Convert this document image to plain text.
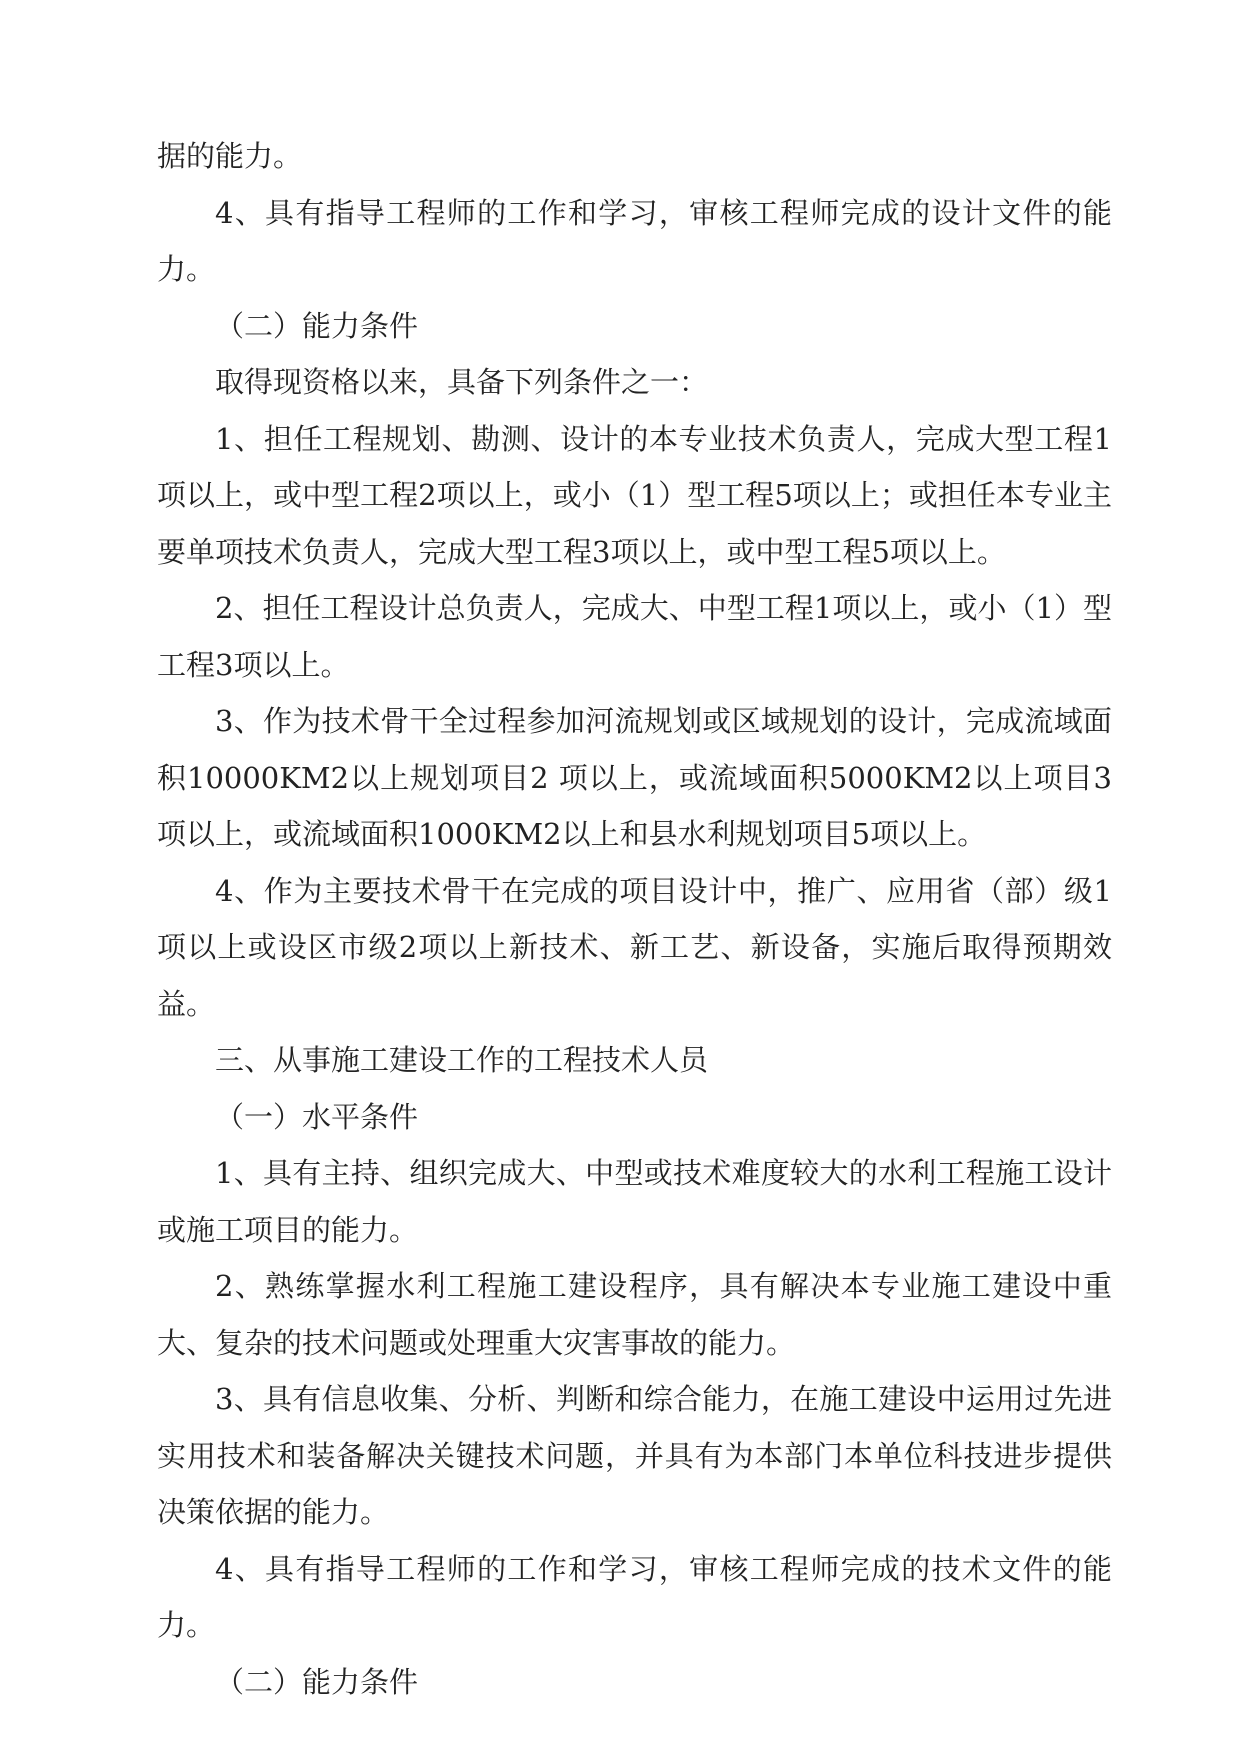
据的能力。

4、具有指导工程师的工作和学习，审核工程师完成的设计文件的能力。

（二）能力条件

取得现资格以来，具备下列条件之一：

1、担任工程规划、勘测、设计的本专业技术负责人，完成大型工程1项以上，或中型工程2项以上，或小（1）型工程5项以上；或担任本专业主要单项技术负责人，完成大型工程3项以上，或中型工程5项以上。

2、担任工程设计总负责人，完成大、中型工程1项以上，或小（1）型工程3项以上。

3、作为技术骨干全过程参加河流规划或区域规划的设计，完成流域面积10000KM2以上规划项目2 项以上，或流域面积5000KM2以上项目3项以上，或流域面积1000KM2以上和县水利规划项目5项以上。

4、作为主要技术骨干在完成的项目设计中，推广、应用省（部）级1项以上或设区市级2项以上新技术、新工艺、新设备，实施后取得预期效益。

三、从事施工建设工作的工程技术人员

（一）水平条件

1、具有主持、组织完成大、中型或技术难度较大的水利工程施工设计或施工项目的能力。

2、熟练掌握水利工程施工建设程序，具有解决本专业施工建设中重大、复杂的技术问题或处理重大灾害事故的能力。

3、具有信息收集、分析、判断和综合能力，在施工建设中运用过先进实用技术和装备解决关键技术问题，并具有为本部门本单位科技进步提供决策依据的能力。

4、具有指导工程师的工作和学习，审核工程师完成的技术文件的能力。

（二）能力条件
